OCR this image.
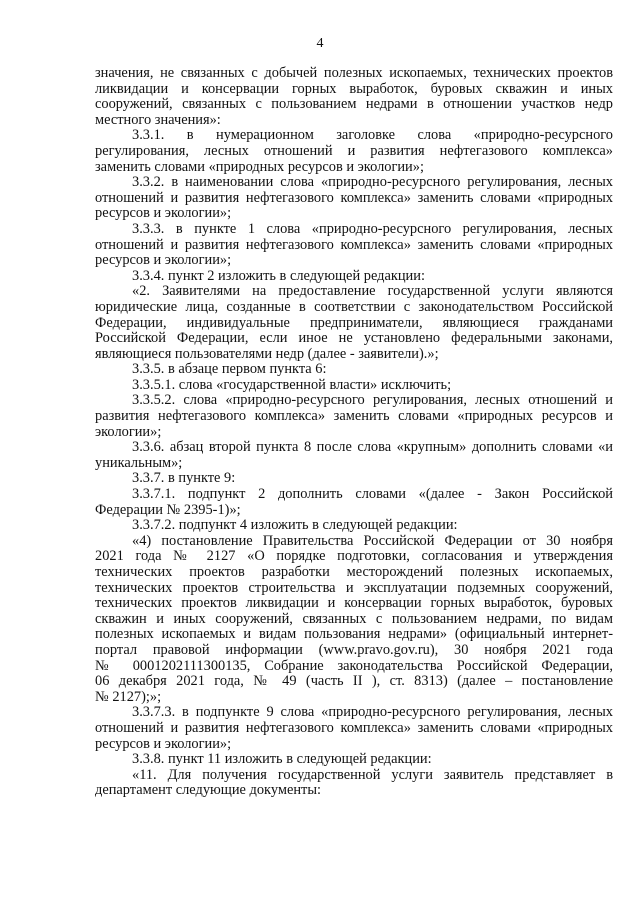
4
значения, не связанных с добычей полезных ископаемых, технических проектов
ликвидации и консервации горных выработок, буровых скважин и иных
сооружений, связанных с пользованием недрами в отношении участков недр
местного значения»:
3.3.1. в нумерационном заголовке слова «природно-ресурсного
регулирования, лесных отношений и развития нефтегазового комплекса»
заменить словами «природных ресурсов и экологии»;
3.3.2. в наименовании слова «природно-ресурсного регулирования, лесных
отношений и развития нефтегазового комплекса» заменить словами «природных
ресурсов и экологии»;
3.3.3. в пункте 1 слова «природно-ресурсного регулирования, лесных
отношений и развития нефтегазового комплекса» заменить словами «природных
ресурсов и экологии»;
3.3.4. пункт 2 изложить в следующей редакции:
«2. Заявителями на предоставление государственной услуги являются
юридические лица, созданные в соответствии с законодательством Российской
Федерации, индивидуальные предприниматели, являющиеся гражданами
Российской Федерации, если иное не установлено федеральными законами,
являющиеся пользователями недр (далее - заявители).»;
3.3.5. в абзаце первом пункта 6:
3.3.5.1. слова «государственной власти» исключить;
3.3.5.2. слова «природно-ресурсного регулирования, лесных отношений и
развития нефтегазового комплекса» заменить словами «природных ресурсов и
экологии»;
3.3.6. абзац второй пункта 8 после слова «крупным» дополнить словами «и
уникальным»;
3.3.7. в пункте 9:
3.3.7.1. подпункт 2 дополнить словами «(далее - Закон Российской
Федерации № 2395-1)»;
3.3.7.2. подпункт 4 изложить в следующей редакции:
«4) постановление Правительства Российской Федерации от 30 ноября
2021 года № 2127 «О порядке подготовки, согласования и утверждения
технических проектов разработки месторождений полезных ископаемых,
технических проектов строительства и эксплуатации подземных сооружений,
технических проектов ликвидации и консервации горных выработок, буровых
скважин и иных сооружений, связанных с пользованием недрами, по видам
полезных ископаемых и видам пользования недрами» (официальный интернет-
портал правовой информации (www.pravo.gov.ru), 30 ноября 2021 года
№ 0001202111300135, Собрание законодательства Российской Федерации,
06 декабря 2021 года, № 49 (часть II ), ст. 8313) (далее – постановление
№ 2127);»;
3.3.7.3. в подпункте 9 слова «природно-ресурсного регулирования, лесных
отношений и развития нефтегазового комплекса» заменить словами «природных
ресурсов и экологии»;
3.3.8. пункт 11 изложить в следующей редакции:
«11. Для получения государственной услуги заявитель представляет в
департамент следующие документы:
